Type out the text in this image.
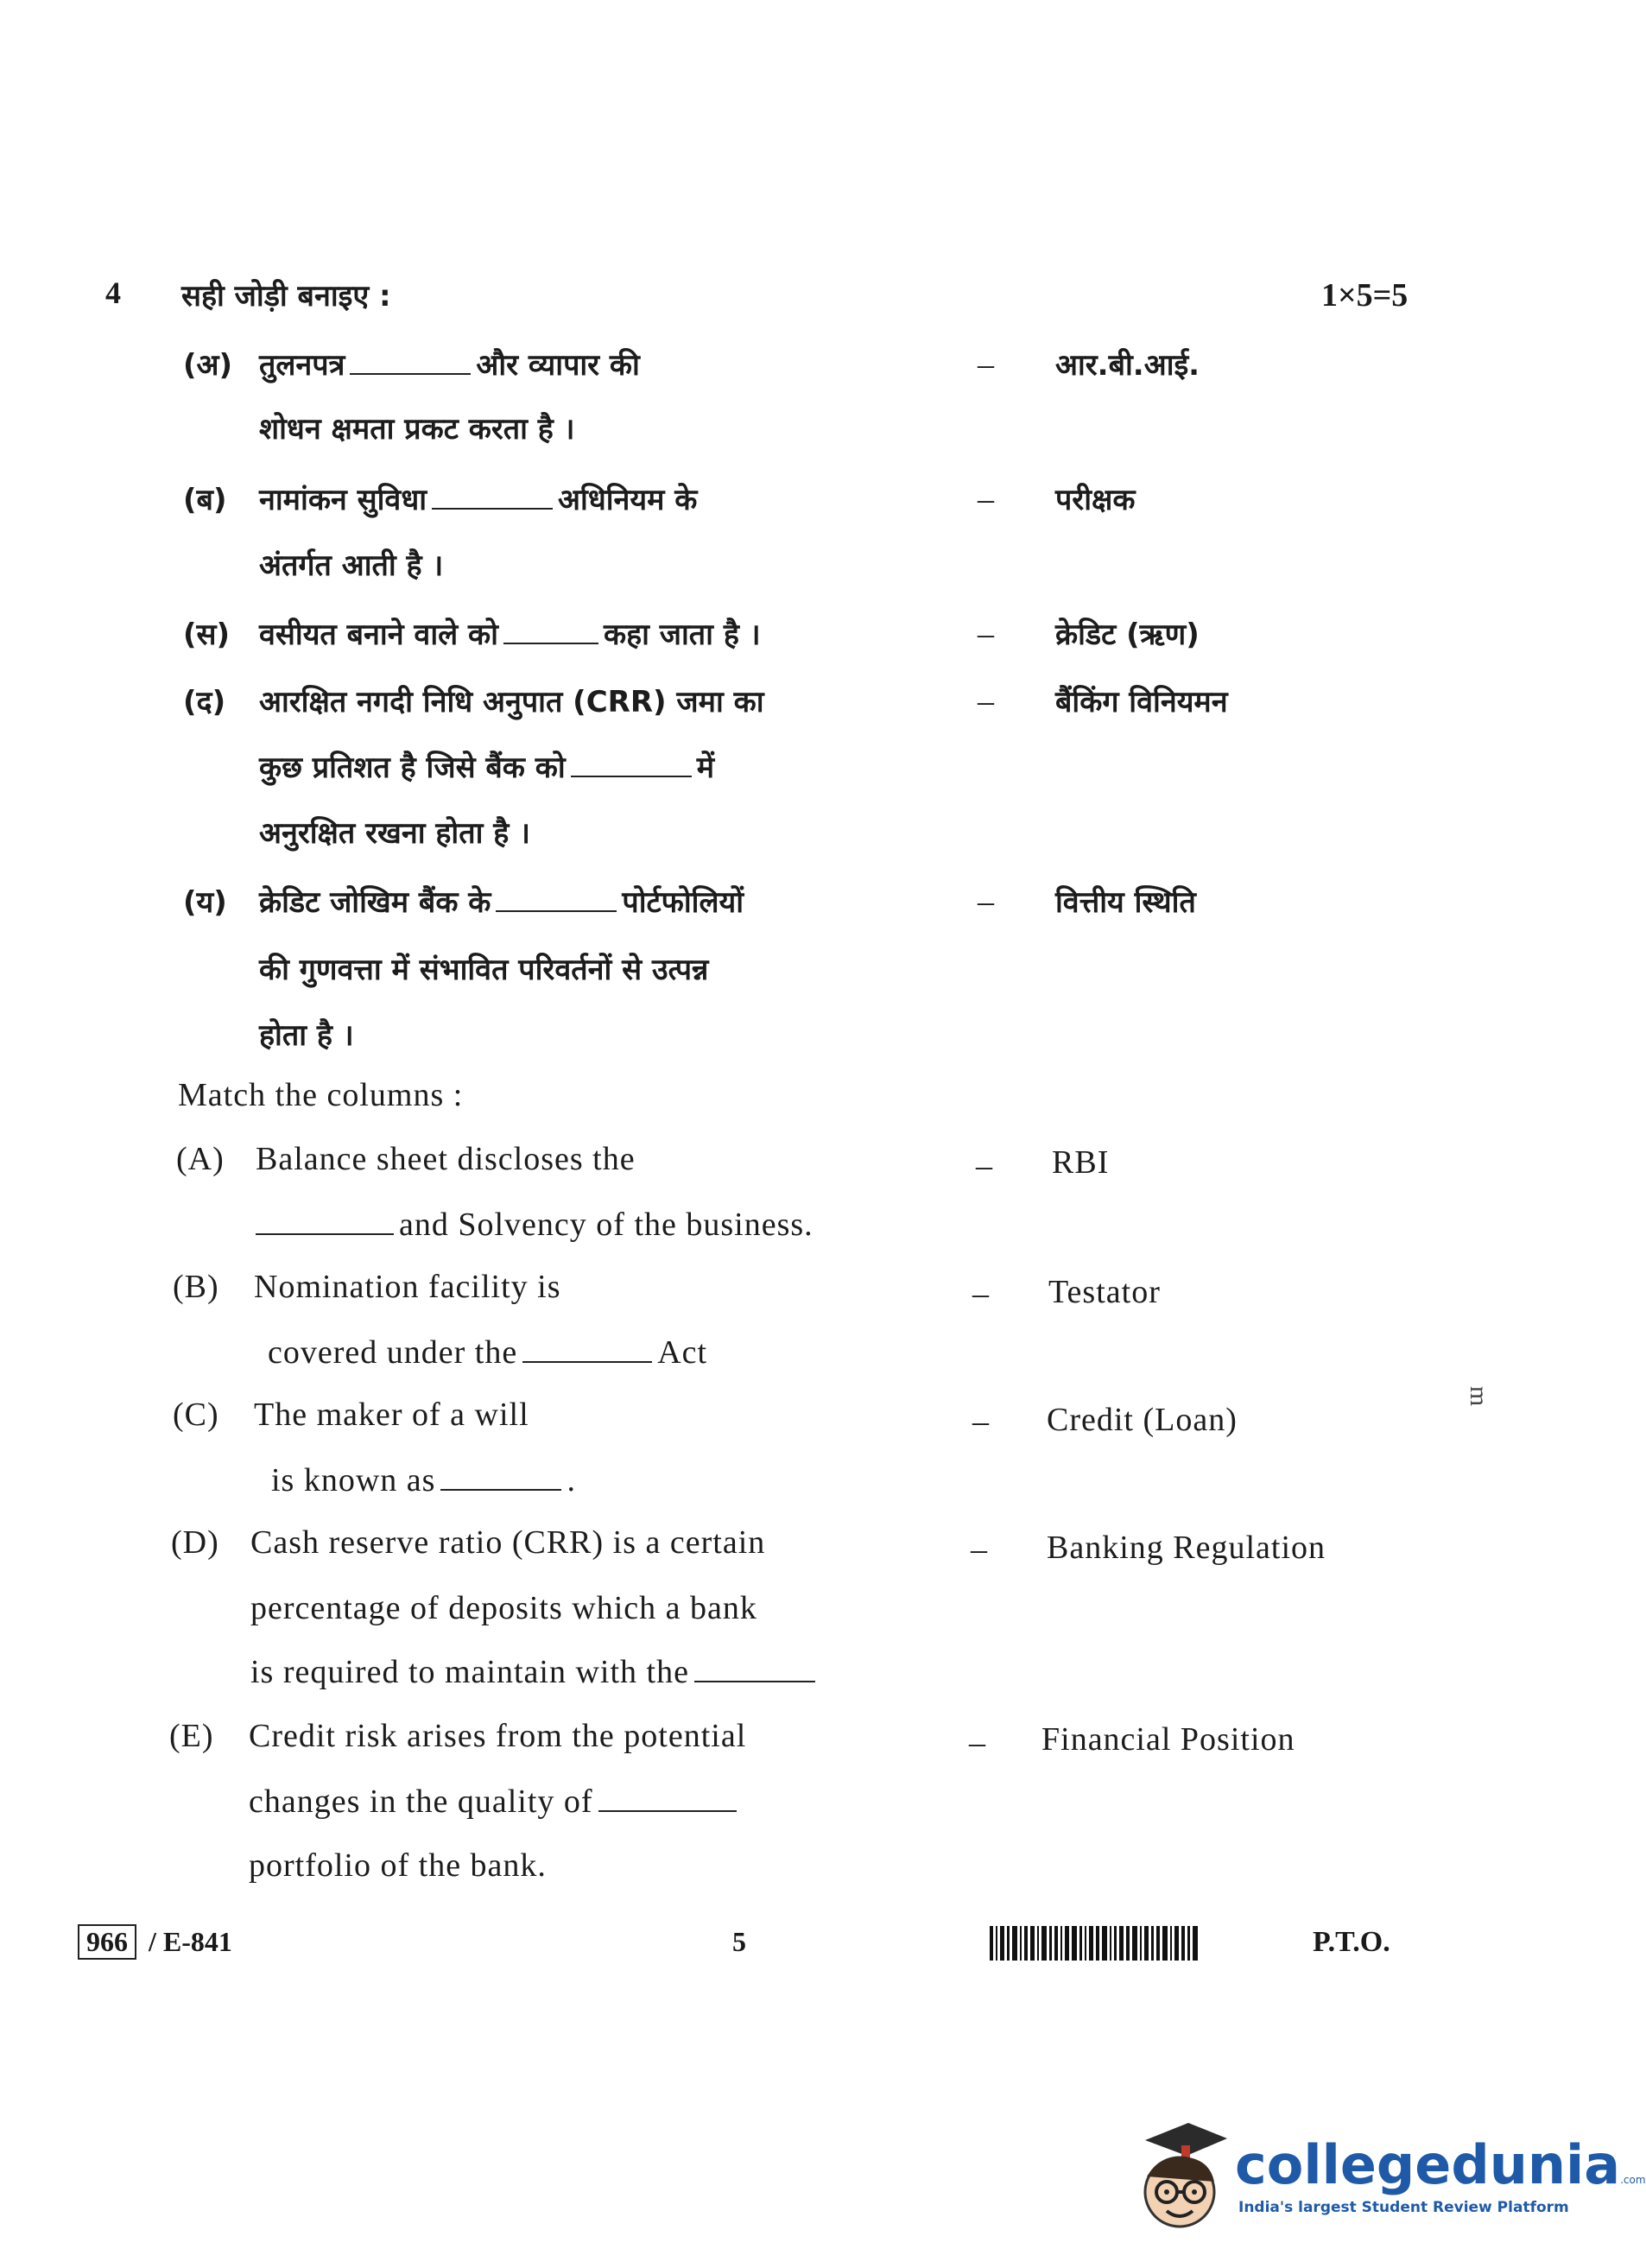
4 सही जोड़ी बनाइए :	1×5=5
(अ) तुलनपत्र	और व्यापार की
शोधन क्षमता प्रकट करता है ।
– आर.बी.आई.
(ब) नामांकन सुविधा	अधिनियम के
अंतर्गत आती है ।
– परीक्षक
(स) वसीयत बनाने वाले को	कहा जाता है ।	– क्रेडिट (ऋण)
(द) आरक्षित नगदी निधि अनुपात (CRR) जमा का
कुछ प्रतिशत है जिसे बैंक को	में
अनुरक्षित रखना होता है ।
– बैंकिंग विनियमन
(य) क्रेडिट जोखिम बैंक के	पोर्टफोलियों
की गुणवत्ता में संभावित परिवर्तनों से उत्पन्न
होता है ।
– वित्तीय स्थिति
Match the columns :
(A) Balance sheet discloses the
and Solvency of the business.
– RBI
(B) Nomination facility is
covered under the	Act
– Testator
(C) The maker of a will
is known as	.
– Credit (Loan)
(D) Cash reserve ratio (CRR) is a certain
percentage of deposits which a bank
is required to maintain with the
– Banking Regulation
(E) Credit risk arises from the potential
changes in the quality of
portfolio of the bank.
– Financial Position
m
966 / E-841	5	P.T.O.
collegedunia.com
India's largest Student Review Platform
